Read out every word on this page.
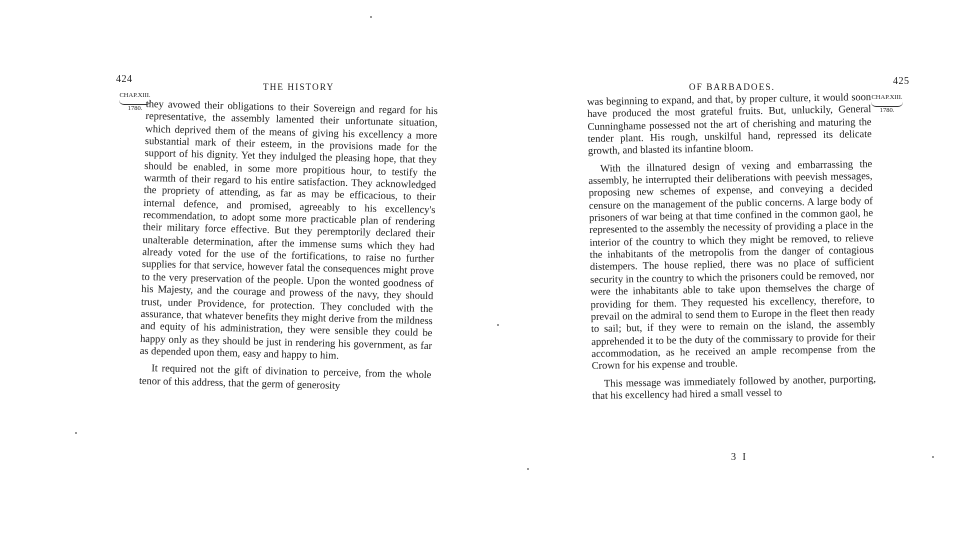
424
THE HISTORY
CHAP.XIII.
1780. they avowed their obligations to their Sovereign and regard for his representative, the assembly lamented their unfortunate situation, which deprived them of the means of giving his excellency a more substantial mark of their esteem, in the provisions made for the support of his dignity. Yet they indulged the pleasing hope, that they should be enabled, in some more propitious hour, to testify the warmth of their regard to his entire satisfaction. They acknowledged the propriety of attending, as far as may be efficacious, to their internal defence, and promised, agreeably to his excellency's recommendation, to adopt some more practicable plan of rendering their military force effective. But they peremptorily declared their unalterable determination, after the immense sums which they had already voted for the use of the fortifications, to raise no further supplies for that service, however fatal the consequences might prove to the very preservation of the people. Upon the wonted goodness of his Majesty, and the courage and prowess of the navy, they should trust, under Providence, for protection. They concluded with the assurance, that whatever benefits they might derive from the mildness and equity of his administration, they were sensible they could be happy only as they should be just in rendering his government, as far as depended upon them, easy and happy to him.

It required not the gift of divination to perceive, from the whole tenor of this address, that the germ of generosity

425
OF BARBADOES.
CHAP.XIII.
1780.

was beginning to expand, and that, by proper culture, it would soon have produced the most grateful fruits. But, unluckily, General Cunninghame possessed not the art of cherishing and maturing the tender plant. His rough, unskilful hand, repressed its delicate growth, and blasted its infantine bloom.

With the illnatured design of vexing and embarrassing the assembly, he interrupted their deliberations with peevish messages, proposing new schemes of expense, and conveying a decided censure on the management of the public concerns. A large body of prisoners of war being at that time confined in the common gaol, he represented to the assembly the necessity of providing a place in the interior of the country to which they might be removed, to relieve the inhabitants of the metropolis from the danger of contagious distempers. The house replied, there was no place of sufficient security in the country to which the prisoners could be removed, nor were the inhabitants able to take upon themselves the charge of providing for them. They requested his excellency, therefore, to prevail on the admiral to send them to Europe in the fleet then ready to sail; but, if they were to remain on the island, the assembly apprehended it to be the duty of the commissary to provide for their accommodation, as he received an ample recompense from the Crown for his expense and trouble.

This message was immediately followed by another, purporting, that his excellency had hired a small vessel to

3 I
